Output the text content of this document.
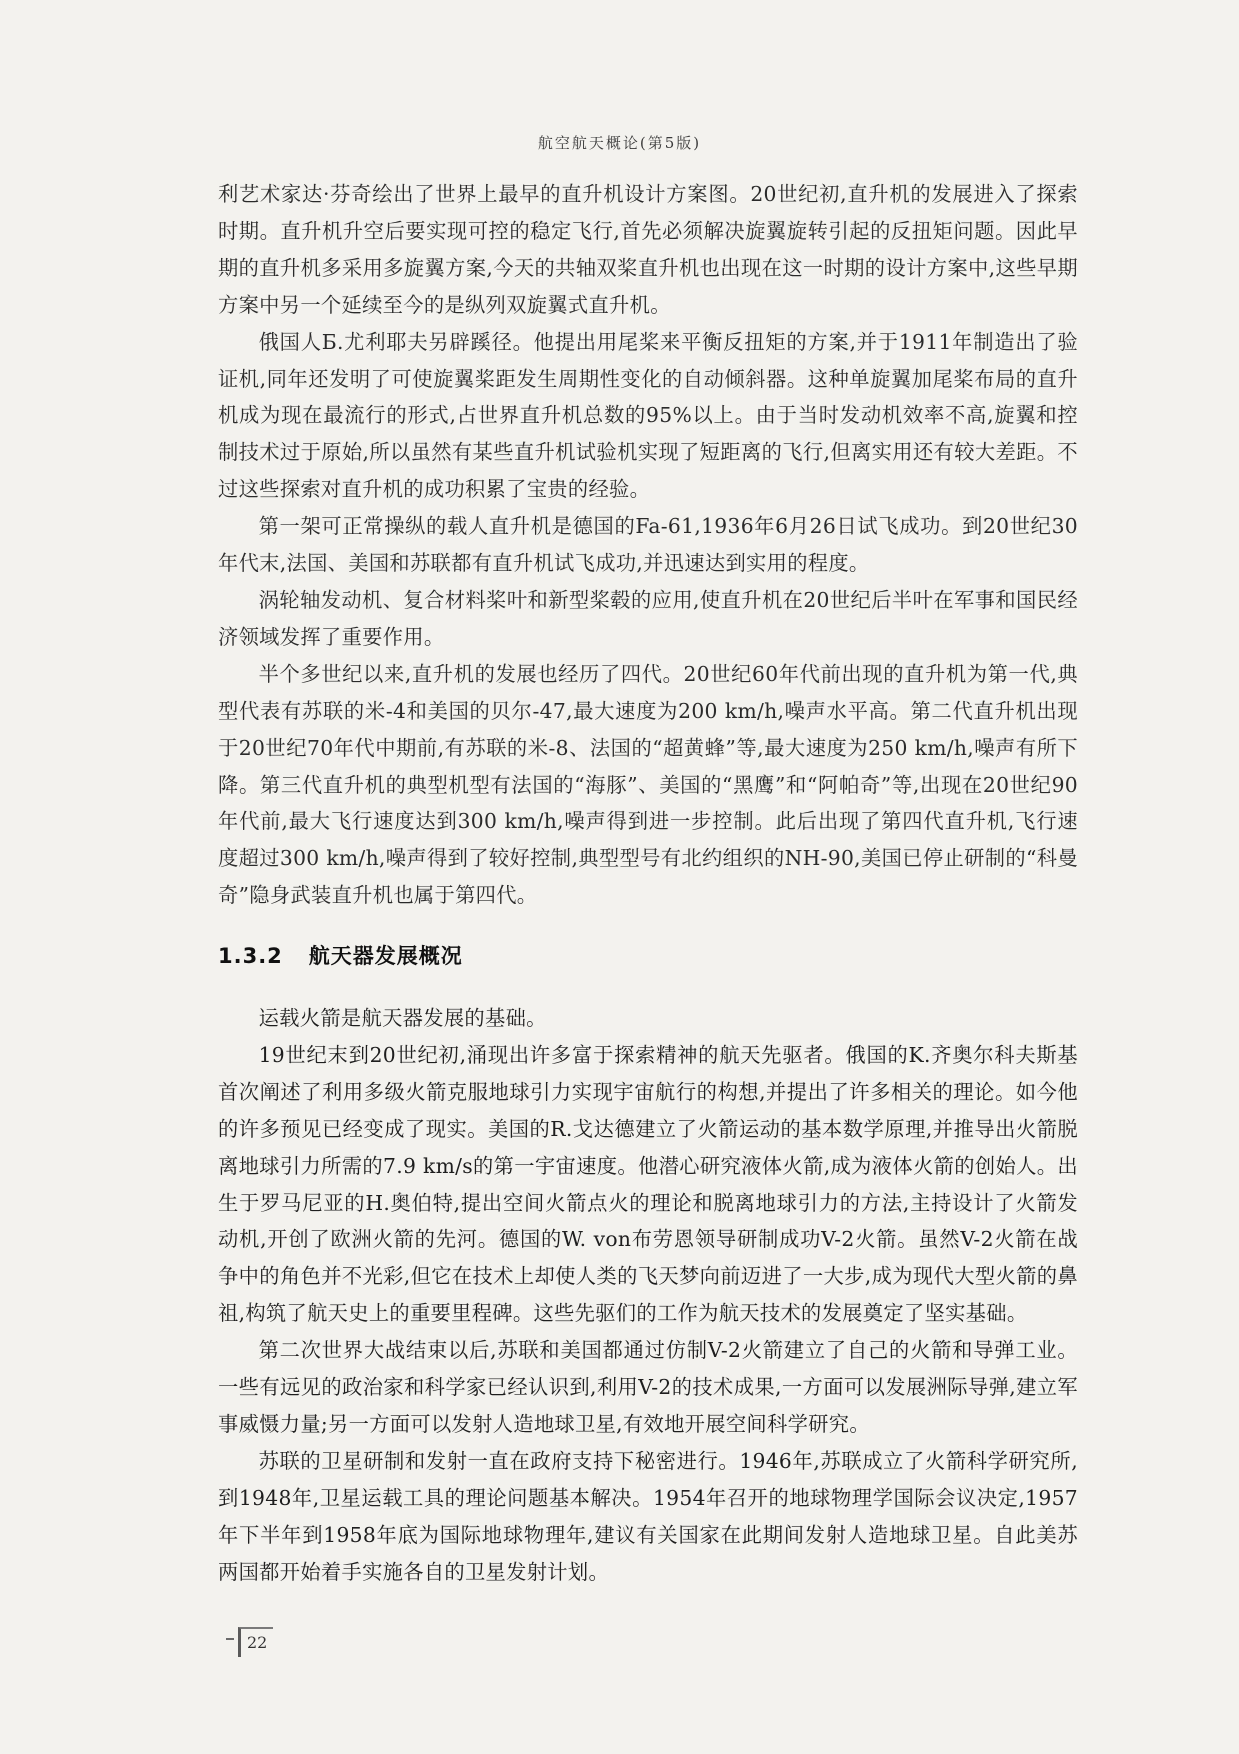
航空航天概论(第5版)

利艺术家达·芬奇绘出了世界上最早的直升机设计方案图。20世纪初,直升机的发展进入了探索时期。直升机升空后要实现可控的稳定飞行,首先必须解决旋翼旋转引起的反扭矩问题。因此早期的直升机多采用多旋翼方案,今天的共轴双桨直升机也出现在这一时期的设计方案中,这些早期方案中另一个延续至今的是纵列双旋翼式直升机。

俄国人Б.尤利耶夫另辟蹊径。他提出用尾桨来平衡反扭矩的方案,并于1911年制造出了验证机,同年还发明了可使旋翼桨距发生周期性变化的自动倾斜器。这种单旋翼加尾桨布局的直升机成为现在最流行的形式,占世界直升机总数的95%以上。由于当时发动机效率不高,旋翼和控制技术过于原始,所以虽然有某些直升机试验机实现了短距离的飞行,但离实用还有较大差距。不过这些探索对直升机的成功积累了宝贵的经验。

第一架可正常操纵的载人直升机是德国的Fa-61,1936年6月26日试飞成功。到20世纪30年代末,法国、美国和苏联都有直升机试飞成功,并迅速达到实用的程度。

涡轮轴发动机、复合材料桨叶和新型桨毂的应用,使直升机在20世纪后半叶在军事和国民经济领域发挥了重要作用。

半个多世纪以来,直升机的发展也经历了四代。20世纪60年代前出现的直升机为第一代,典型代表有苏联的米-4和美国的贝尔-47,最大速度为200 km/h,噪声水平高。第二代直升机出现于20世纪70年代中期前,有苏联的米-8、法国的“超黄蜂”等,最大速度为250 km/h,噪声有所下降。第三代直升机的典型机型有法国的“海豚”、美国的“黑鹰”和“阿帕奇”等,出现在20世纪90年代前,最大飞行速度达到300 km/h,噪声得到进一步控制。此后出现了第四代直升机,飞行速度超过300 km/h,噪声得到了较好控制,典型型号有北约组织的NH-90,美国已停止研制的“科曼奇”隐身武装直升机也属于第四代。

1.3.2 航天器发展概况

运载火箭是航天器发展的基础。

19世纪末到20世纪初,涌现出许多富于探索精神的航天先驱者。俄国的K.齐奥尔科夫斯基首次阐述了利用多级火箭克服地球引力实现宇宙航行的构想,并提出了许多相关的理论。如今他的许多预见已经变成了现实。美国的R.戈达德建立了火箭运动的基本数学原理,并推导出火箭脱离地球引力所需的7.9 km/s的第一宇宙速度。他潜心研究液体火箭,成为液体火箭的创始人。出生于罗马尼亚的H.奥伯特,提出空间火箭点火的理论和脱离地球引力的方法,主持设计了火箭发动机,开创了欧洲火箭的先河。德国的W. von布劳恩领导研制成功V-2火箭。虽然V-2火箭在战争中的角色并不光彩,但它在技术上却使人类的飞天梦向前迈进了一大步,成为现代大型火箭的鼻祖,构筑了航天史上的重要里程碑。这些先驱们的工作为航天技术的发展奠定了坚实基础。

第二次世界大战结束以后,苏联和美国都通过仿制V-2火箭建立了自己的火箭和导弹工业。一些有远见的政治家和科学家已经认识到,利用V-2的技术成果,一方面可以发展洲际导弹,建立军事威慑力量;另一方面可以发射人造地球卫星,有效地开展空间科学研究。

苏联的卫星研制和发射一直在政府支持下秘密进行。1946年,苏联成立了火箭科学研究所,到1948年,卫星运载工具的理论问题基本解决。1954年召开的地球物理学国际会议决定,1957年下半年到1958年底为国际地球物理年,建议有关国家在此期间发射人造地球卫星。自此美苏两国都开始着手实施各自的卫星发射计划。

22
